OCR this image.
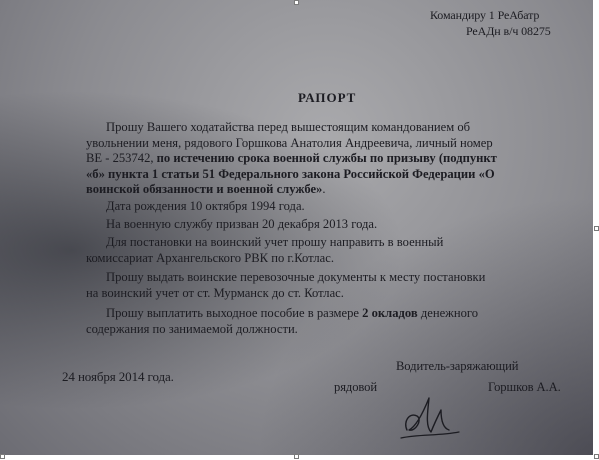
Командиру 1 РеАбатр
РеАДн в/ч 08275
РАПОРТ
Прошу Вашего ходатайства перед вышестоящим командованием об
увольнении меня, рядового Горшкова Анатолия Андреевича, личный номер
ВЕ - 253742, по истечению срока военной службы по призыву (подпункт
«б» пункта 1 статьи 51 Федерального закона Российской Федерации «О
воинской обязанности и военной службе».
Дата рождения 10 октября 1994 года.
На военную службу призван 20 декабря 2013 года.
Для постановки на воинский учет прошу направить в военный
комиссариат Архангельского РВК по г.Котлас.
Прошу выдать воинские перевозочные документы к месту постановки
на воинский учет от ст. Мурманск до ст. Котлас.
Прошу выплатить выходное пособие в размере 2 окладов денежного
содержания по занимаемой должности.
24 ноября 2014 года.
Водитель-заряжающий
рядовой	Горшков А.А.
